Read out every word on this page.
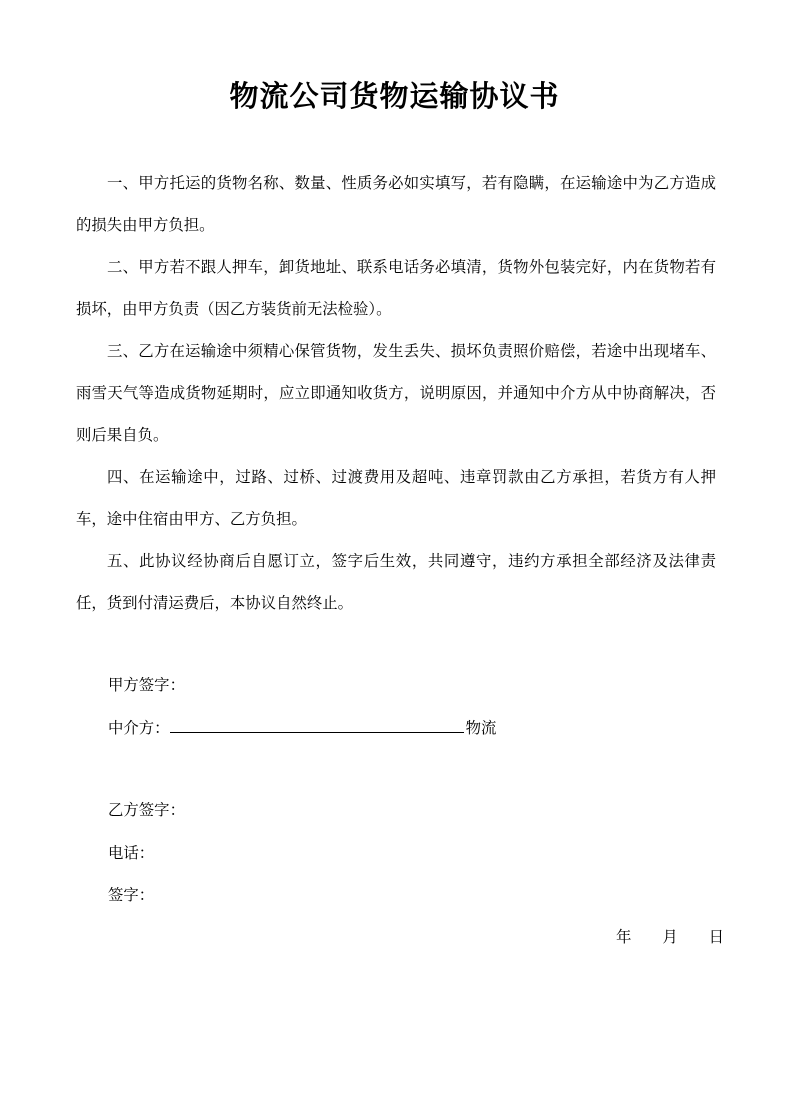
物流公司货物运输协议书

一、甲方托运的货物名称、数量、性质务必如实填写，若有隐瞒，在运输途中为乙方造成的损失由甲方负担。

二、甲方若不跟人押车，卸货地址、联系电话务必填清，货物外包装完好，内在货物若有损坏，由甲方负责（因乙方装货前无法检验）。

三、乙方在运输途中须精心保管货物，发生丢失、损坏负责照价赔偿，若途中出现堵车、雨雪天气等造成货物延期时，应立即通知收货方，说明原因，并通知中介方从中协商解决，否则后果自负。

四、在运输途中，过路、过桥、过渡费用及超吨、违章罚款由乙方承担，若货方有人押车，途中住宿由甲方、乙方负担。

五、此协议经协商后自愿订立，签字后生效，共同遵守，违约方承担全部经济及法律责任，货到付清运费后，本协议自然终止。

甲方签字：
中介方：	物流
乙方签字：
电话：
签字：
年 月 日
